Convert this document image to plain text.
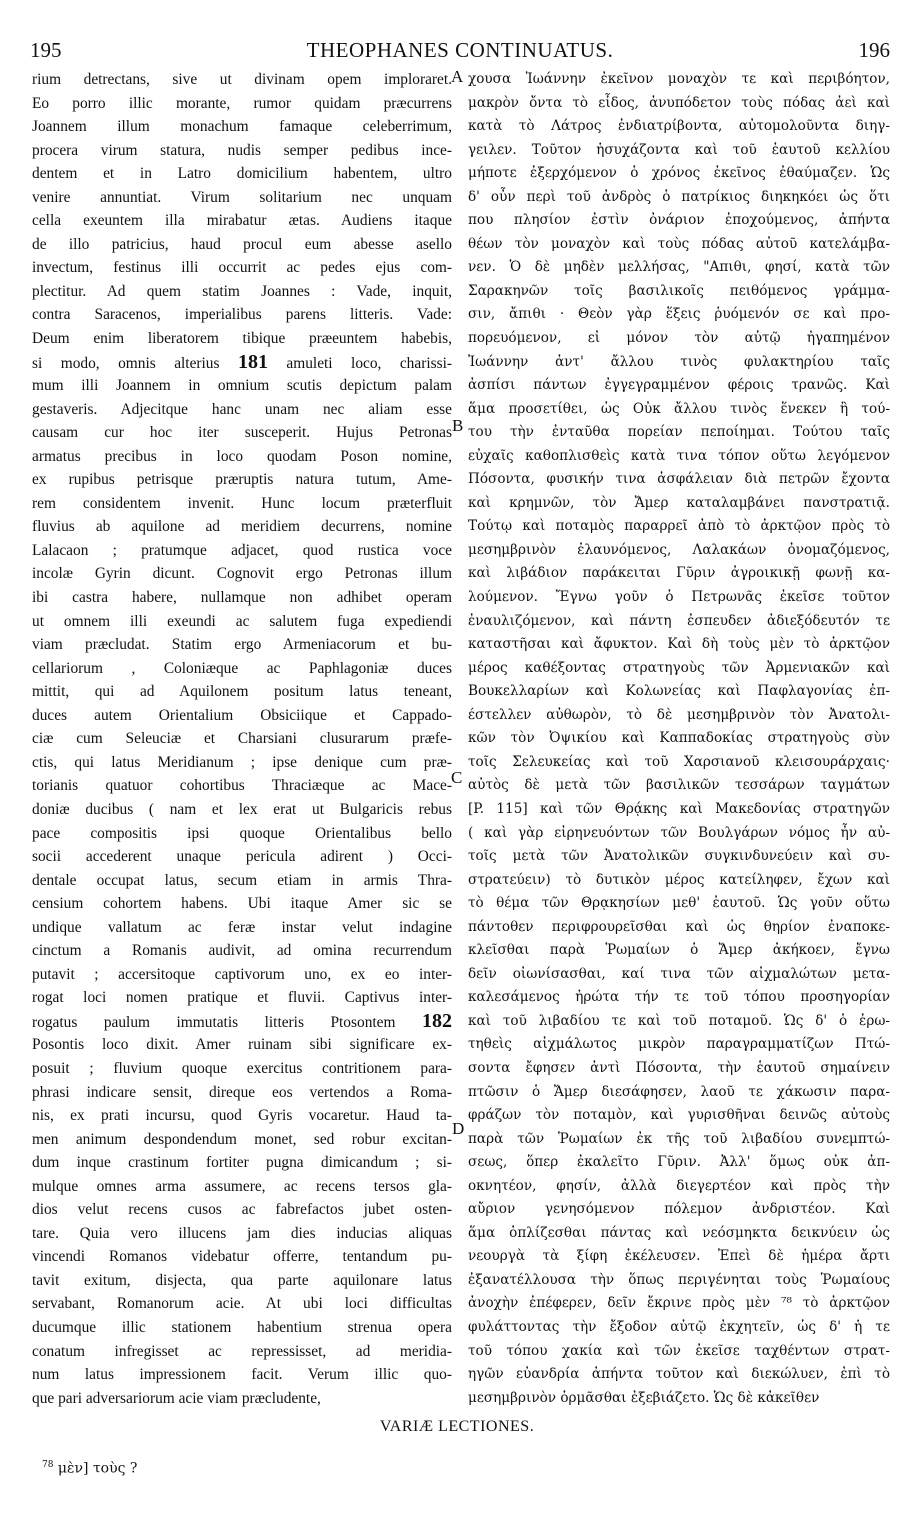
195	THEOPHANES CONTINUATUS.	196
rium detrectans, sive ut divinam opem imploraret.
Eo porro illic morante, rumor quidam præcurrens
Joannem illum monachum famaque celeberrimum,
procera virum statura, nudis semper pedibus ince-
dentem et in Latro domicilium habentem, ultro
venire annuntiat. Virum solitarium nec unquam
cella exeuntem illa mirabatur ætas. Audiens itaque
de illo patricius, haud procul eum abesse asello
invectum, festinus illi occurrit ac pedes ejus com-
plectitur. Ad quem statim Joannes : Vade, inquit,
contra Saracenos, imperialibus parens litteris. Vade:
Deum enim liberatorem tibique præeuntem habebis,
si modo, omnis alterius 181 amuleti loco, charissi-
mum illi Joannem in omnium scutis depictum palam
gestaveris. Adjecitque hanc unam nec aliam esse
causam cur hoc iter susceperit. Hujus Petronas
armatus precibus in loco quodam Poson nomine,
ex rupibus petrisque præruptis natura tutum, Ame-
rem considentem invenit. Hunc locum præterfluit
fluvius ab aquilone ad meridiem decurrens, nomine
Lalacaon ; pratumque adjacet, quod rustica voce
incolæ Gyrin dicunt. Cognovit ergo Petronas illum
ibi castra habere, nullamque non adhibet operam
ut omnem illi exeundi ac salutem fuga expediendi
viam præcludat. Statim ergo Armeniacorum et bu-
cellariorum , Coloniæque ac Paphlagoniæ duces
mittit, qui ad Aquilonem positum latus teneant,
duces autem Orientalium Obsiciique et Cappado-
ciæ cum Seleuciæ et Charsiani clusurarum præfe-
ctis, qui latus Meridianum ; ipse denique cum præ-
torianis quatuor cohortibus Thraciæque ac Mace-
doniæ ducibus ( nam et lex erat ut Bulgaricis rebus
pace compositis ipsi quoque Orientalibus bello
socii accederent unaque pericula adirent ) Occi-
dentale occupat latus, secum etiam in armis Thra-
censium cohortem habens. Ubi itaque Amer sic se
undique vallatum ac feræ instar velut indagine
cinctum a Romanis audivit, ad omina recurrendum
putavit ; accersitoque captivorum uno, ex eo inter-
rogat loci nomen pratique et fluvii. Captivus inter-
rogatus paulum immutatis litteris Ptosontem 182
Posontis loco dixit. Amer ruinam sibi significare ex-
posuit ; fluvium quoque exercitus contritionem para-
phrasi indicare sensit, direque eos vertendos a Roma-
nis, ex prati incursu, quod Gyris vocaretur. Haud ta-
men animum despondendum monet, sed robur excitan-
dum inque crastinum fortiter pugna dimicandum ; si-
mulque omnes arma assumere, ac recens tersos gla-
dios velut recens cusos ac fabrefactos jubet osten-
tare. Quia vero illucens jam dies inducias aliquas
vincendi Romanos videbatur offerre, tentandum pu-
tavit exitum, disjecta, qua parte aquilonare latus
servabant, Romanorum acie. At ubi loci difficultas
ducumque illic stationem habentium strenua opera
conatum infregisset ac repressisset, ad meridia-
num latus impressionem facit. Verum illic quo-
que pari adversariorum acie viam præcludente,
χουσα Ἰωάννην ἐκεῖνον μοναχὸν τε καὶ περιβόητον,
μακρὸν ὄντα τὸ εἶδος, ἀνυπόδετον τοὺς πόδας ἀεὶ καὶ
κατὰ τὸ Λάτρος ἐνδιατρίβοντα, αὐτομολοῦντα διηγ-
γειλεν. Τοῦτον ἡσυχάζοντα καὶ τοῦ ἑαυτοῦ κελλίου
μήποτε ἐξερχόμενον ὁ χρόνος ἐκεῖνος ἐθαύμαζεν. Ὡς
δ' οὖν περὶ τοῦ ἀνδρὸς ὁ πατρίκιος διηκηκόει ὡς ὅτι
που πλησίον ἐστὶν ὀνάριον ἐποχούμενος, ἀπήντα
θέων τὸν μοναχὸν καὶ τοὺς πόδας αὐτοῦ κατελάμβα-
νεν. Ὁ δὲ μηδὲν μελλήσας, "Απιθι, φησί, κατὰ τῶν
Σαρακηνῶν τοῖς βασιλικοῖς πειθόμενος γράμμα-
σιν, ἄπιθι · Θεὸν γὰρ ἕξεις ῥυόμενόν σε καὶ προ-
πορευόμενον, εἰ μόνον τὸν αὐτῷ ἠγαπημένον
Ἰωάννην ἀντ' ἄλλου τινὸς φυλακτηρίου ταῖς
ἀσπίσι πάντων ἐγγεγραμμένον φέροις τρανῶς. Καὶ
ἅμα προσετίθει, ὡς Οὐκ ἄλλου τινὸς ἕνεκεν ἢ τού-
του τὴν ἐνταῦθα πορείαν πεποίημαι. Τούτου ταῖς
εὐχαῖς καθοπλισθεὶς κατὰ τινα τόπον οὕτω λεγόμενον
Πόσοντα, φυσικήν τινα ἀσφάλειαν διὰ πετρῶν ἔχοντα
καὶ κρημνῶν, τὸν Ἄμερ καταλαμβάνει πανστρατιᾷ.
Τούτῳ καὶ ποταμὸς παραρρεῖ ἀπὸ τὸ ἀρκτῷον πρὸς τὸ
μεσημβρινὸν ἐλαυνόμενος, Λαλακάων ὀνομαζόμενος,
καὶ λιβάδιον παράκειται Γῦριν ἀγροικικῇ φωνῇ κα-
λούμενον. Ἔγνω γοῦν ὁ Πετρωνᾶς ἐκεῖσε τοῦτον
ἐναυλιζόμενον, καὶ πάντη ἐσπευδεν ἀδιεξόδευτόν τε
καταστῆσαι καὶ ἄφυκτον. Καὶ δὴ τοὺς μὲν τὸ ἀρκτῷον
μέρος καθέξοντας στρατηγοὺς τῶν Ἀρμενιακῶν καὶ
Βουκελλαρίων καὶ Κολωνείας καὶ Παφλαγονίας ἐπ-
έστελλεν αὐθωρὸν, τὸ δὲ μεσημβρινὸν τὸν Ἀνατολι-
κῶν τὸν Ὀψικίου καὶ Καππαδοκίας στρατηγοὺς σὺν
τοῖς Σελευκείας καὶ τοῦ Χαρσιανοῦ κλεισουράρχαις·
αὐτὸς δὲ μετὰ τῶν βασιλικῶν τεσσάρων ταγμάτων
[P. 115] καὶ τῶν Θρᾴκης καὶ Μακεδονίας στρατηγῶν
( καὶ γὰρ εἰρηνευόντων τῶν Βουλγάρων νόμος ἦν αὐ-
τοῖς μετὰ τῶν Ἀνατολικῶν συγκινδυνεύειν καὶ συ-
στρατεύειν) τὸ δυτικὸν μέρος κατείληφεν, ἔχων καὶ
τὸ θέμα τῶν Θρᾳκησίων μεθ' ἑαυτοῦ. Ὡς γοῦν οὕτω
πάντοθεν περιφρουρεῖσθαι καὶ ὡς θηρίον ἐναποκε-
κλεῖσθαι παρὰ Ῥωμαίων ὁ Ἄμερ ἀκήκοεν, ἔγνω
δεῖν οἰωνίσασθαι, καί τινα τῶν αἰχμαλώτων μετα-
καλεσάμενος ἠρώτα τήν τε τοῦ τόπου προσηγορίαν
καὶ τοῦ λιβαδίου τε καὶ τοῦ ποταμοῦ. Ὡς δ' ὁ ἐρω-
τηθεὶς αἰχμάλωτος μικρὸν παραγραμματίζων Πτώ-
σοντα ἔφησεν ἀντὶ Πόσοντα, τὴν ἑαυτοῦ σημαίνειν
πτῶσιν ὁ Ἄμερ διεσάφησεν, λαοῦ τε χάκωσιν παρα-
φράζων τὸν ποταμὸν, καὶ γυρισθῆναι δεινῶς αὐτοὺς
παρὰ τῶν Ῥωμαίων ἐκ τῆς τοῦ λιβαδίου συνεμπτώ-
σεως, ὅπερ ἐκαλεῖτο Γῦριν. Ἀλλ' ὅμως οὐκ ἀπ-
οκνητέον, φησίν, ἀλλὰ διεγερτέον καὶ πρὸς τὴν
αὔριον γενησόμενον πόλεμον ἀνδριστέον. Καὶ
ἅμα ὁπλίζεσθαι πάντας καὶ νεόσμηκτα δεικνύειν ὡς
νεουργὰ τὰ ξίφη ἐκέλευσεν. Ἐπεὶ δὲ ἡμέρα ἄρτι
ἐξανατέλλουσα τὴν ὅπως περιγένηται τοὺς Ῥωμαίους
ἀνοχὴν ἐπέφερεν, δεῖν ἔκρινε πρὸς μὲν ⁷⁸ τὸ ἀρκτῷον
φυλάττοντας τὴν ἔξοδον αὐτῷ ἐκχητεῖν, ὡς δ' ἡ τε
τοῦ τόπου χακία καὶ τῶν ἐκεῖσε ταχθέντων στρατ-
ηγῶν εὐανδρία ἀπήντα τοῦτον καὶ διεκώλυεν, ἐπὶ τὸ
μεσημβρινὸν ὁρμᾶσθαι ἐξεβιάζετο. Ὡς δὲ κἀκεῖθεν
A
B
C
D
VARIÆ LECTIONES.
$^{78}$ μὲν] τοὺς ?
